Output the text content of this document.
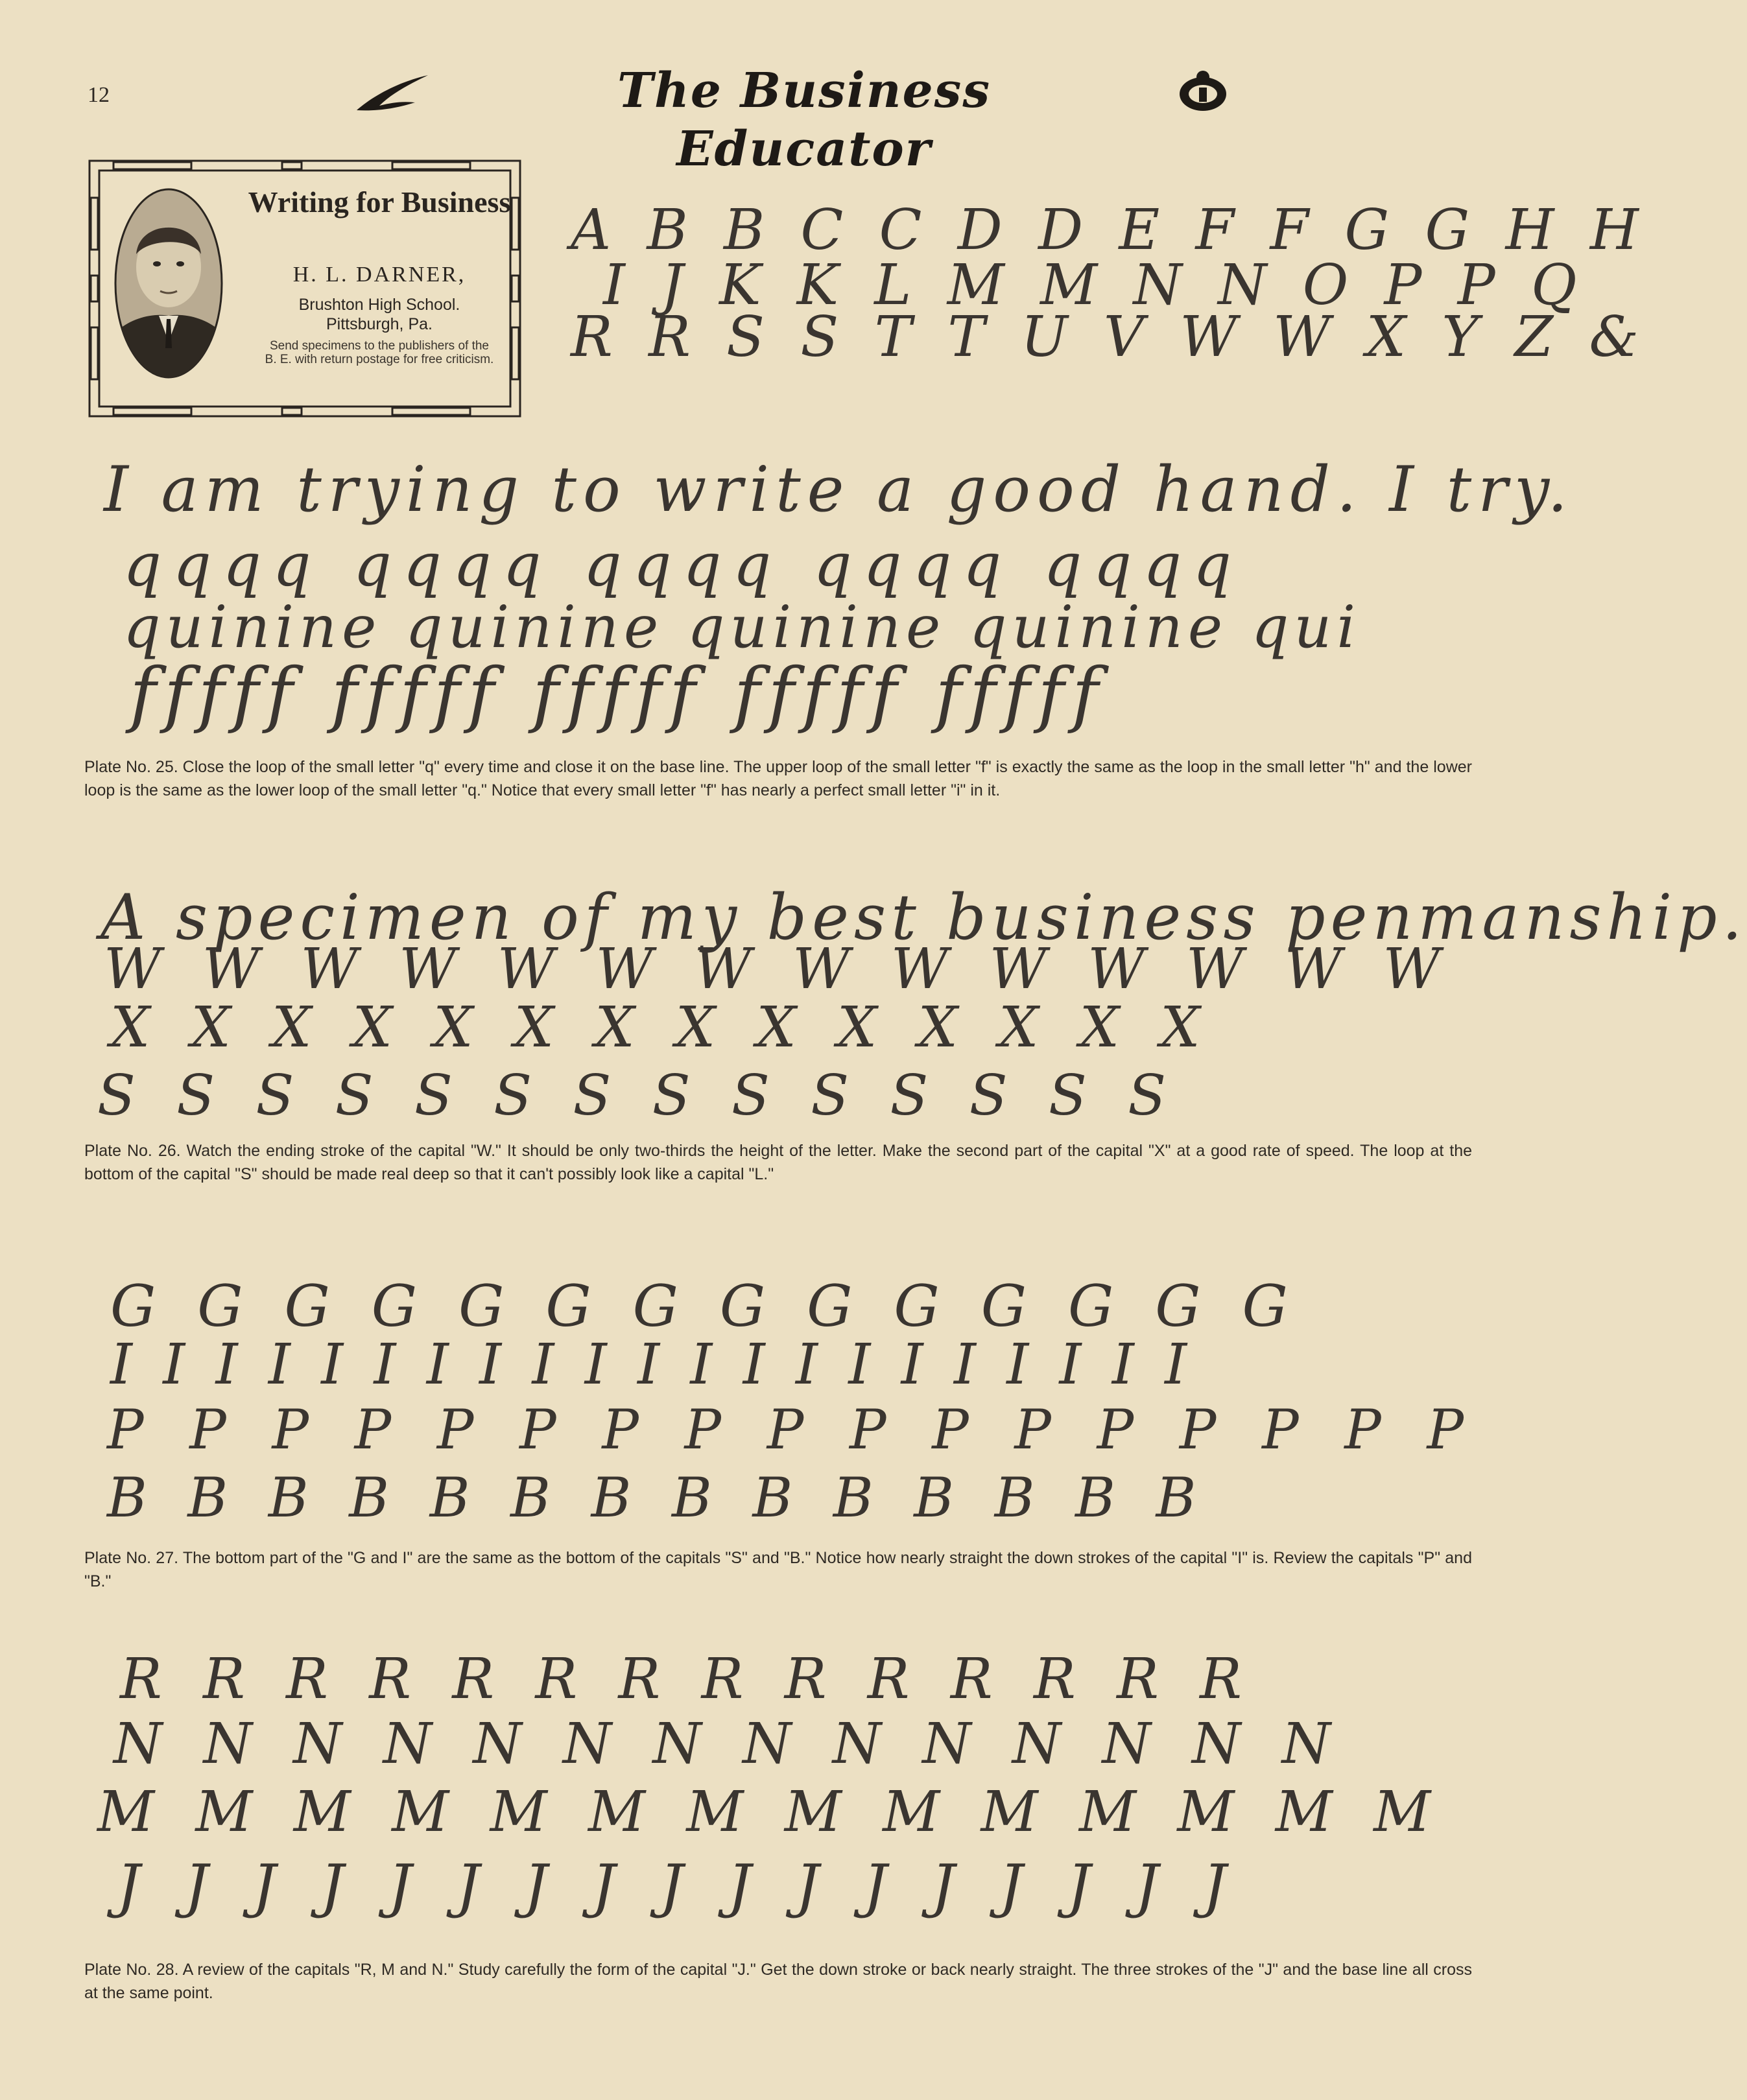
12	The Business Educator
Writing for Business
H. L. DARNER,
Brushton High School.
Pittsburgh, Pa.
Send specimens to the publishers of the B. E. with return postage for free criticism.
A B B C C D D E F F G G H H
I J K K L M M N N O P P Q
R R S S T T U V W W X Y Z &
I am trying to write a good hand. I try.
qqqq qqqq qqqq qqqq qqqq
quinine quinine quinine quinine qui
fffff fffff fffff fffff fffff
Plate No. 25. Close the loop of the small letter "q" every time and close it on the base line. The upper loop of the small letter "f" is exactly the same as the loop in the small letter "h" and the lower loop is the same as the lower loop of the small letter "q." Notice that every small letter "f" has nearly a perfect small letter "i" in it.
A specimen of my best business penmanship.
W W W W W W W W W W W W W W
X X X X X X X X X X X X X X
S S S S S S S S S S S S S S
Plate No. 26. Watch the ending stroke of the capital "W." It should be only two-thirds the height of the letter. Make the second part of the capital "X" at a good rate of speed. The loop at the bottom of the capital "S" should be made real deep so that it can't possibly look like a capital "L."
G G G G G G G G G G G G G G
I I I I I I I I I I I I I I I I I I I I I
P P P P P P P P P P P P P P P P P
B B B B B B B B B B B B B B
Plate No. 27. The bottom part of the "G and I" are the same as the bottom of the capitals "S" and "B." Notice how nearly straight the down strokes of the capital "I" is. Review the capitals "P" and "B."
R R R R R R R R R R R R R R
N N N N N N N N N N N N N N
M M M M M M M M M M M M M M
J J J J J J J J J J J J J J J J J
Plate No. 28. A review of the capitals "R, M and N." Study carefully the form of the capital "J." Get the down stroke or back nearly straight. The three strokes of the "J" and the base line all cross at the same point.
